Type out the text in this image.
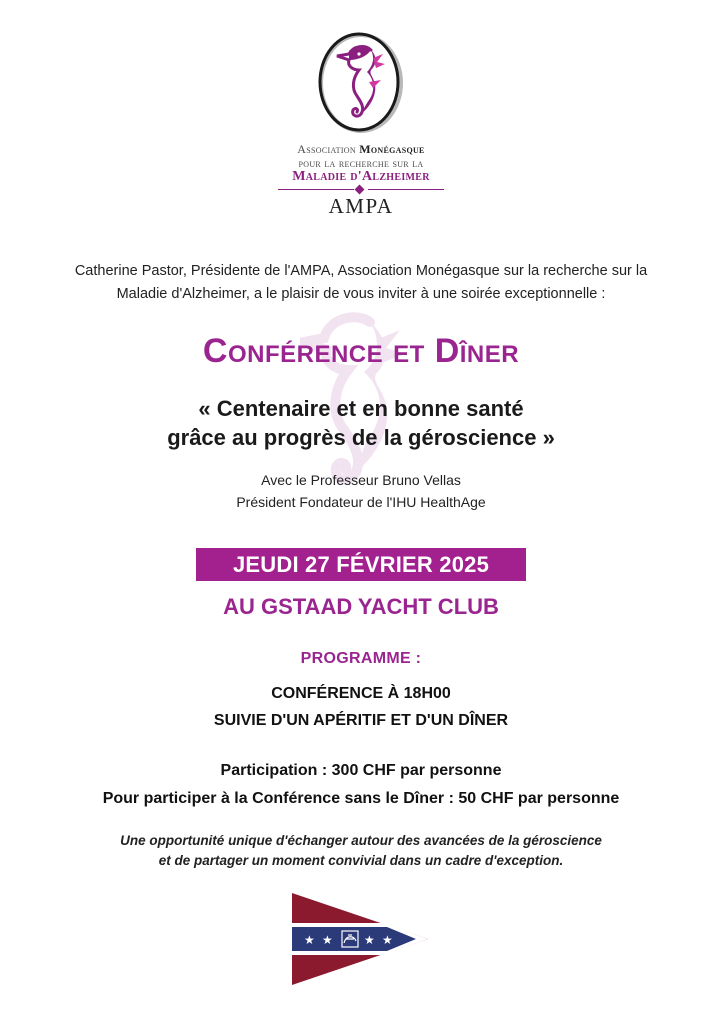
Association Monégasque
pour la recherche sur la
Maladie d'Alzheimer
AMPA
Catherine Pastor, Présidente de l'AMPA, Association Monégasque sur la recherche sur la
Maladie d'Alzheimer, a le plaisir de vous inviter à une soirée exceptionnelle :
Conférence et Dîner
« Centenaire et en bonne santé
grâce au progrès de la géroscience »
Avec le Professeur Bruno Vellas
Président Fondateur de l'IHU HealthAge
JEUDI 27 FÉVRIER 2025
AU GSTAAD YACHT CLUB
PROGRAMME :
CONFÉRENCE À 18H00
SUIVIE D'UN APÉRITIF ET D'UN DÎNER
Participation : 300 CHF par personne
Pour participer à la Conférence sans le Dîner : 50 CHF par personne
Une opportunité unique d'échanger autour des avancées de la géroscience
et de partager un moment convivial dans un cadre d'exception.
★ ★	★ ★
